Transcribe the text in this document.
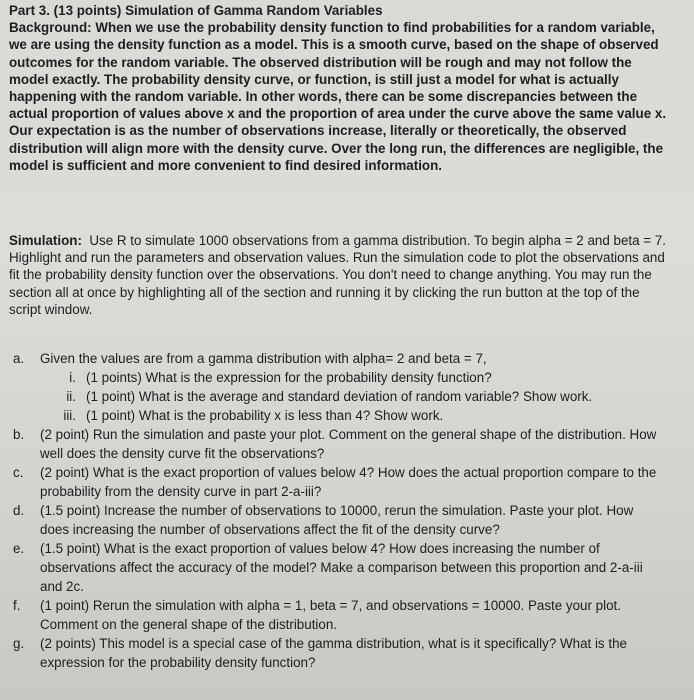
Part 3. (13 points) Simulation of Gamma Random Variables
Background: When we use the probability density function to find probabilities for a random variable, we are using the density function as a model. This is a smooth curve, based on the shape of observed outcomes for the random variable. The observed distribution will be rough and may not follow the model exactly. The probability density curve, or function, is still just a model for what is actually happening with the random variable. In other words, there can be some discrepancies between the actual proportion of values above x and the proportion of area under the curve above the same value x. Our expectation is as the number of observations increase, literally or theoretically, the observed distribution will align more with the density curve. Over the long run, the differences are negligible, the model is sufficient and more convenient to find desired information.
Simulation: Use R to simulate 1000 observations from a gamma distribution. To begin alpha = 2 and beta = 7. Highlight and run the parameters and observation values. Run the simulation code to plot the observations and fit the probability density function over the observations. You don't need to change anything. You may run the section all at once by highlighting all of the section and running it by clicking the run button at the top of the script window.
a. Given the values are from a gamma distribution with alpha= 2 and beta = 7,
i. (1 points) What is the expression for the probability density function?
ii. (1 point) What is the average and standard deviation of random variable? Show work.
iii. (1 point) What is the probability x is less than 4? Show work.
b. (2 point) Run the simulation and paste your plot. Comment on the general shape of the distribution. How well does the density curve fit the observations?
c. (2 point) What is the exact proportion of values below 4? How does the actual proportion compare to the probability from the density curve in part 2-a-iii?
d. (1.5 point) Increase the number of observations to 10000, rerun the simulation. Paste your plot. How does increasing the number of observations affect the fit of the density curve?
e. (1.5 point) What is the exact proportion of values below 4? How does increasing the number of observations affect the accuracy of the model? Make a comparison between this proportion and 2-a-iii and 2c.
f. (1 point) Rerun the simulation with alpha = 1, beta = 7, and observations = 10000. Paste your plot. Comment on the general shape of the distribution.
g. (2 points) This model is a special case of the gamma distribution, what is it specifically? What is the expression for the probability density function?
